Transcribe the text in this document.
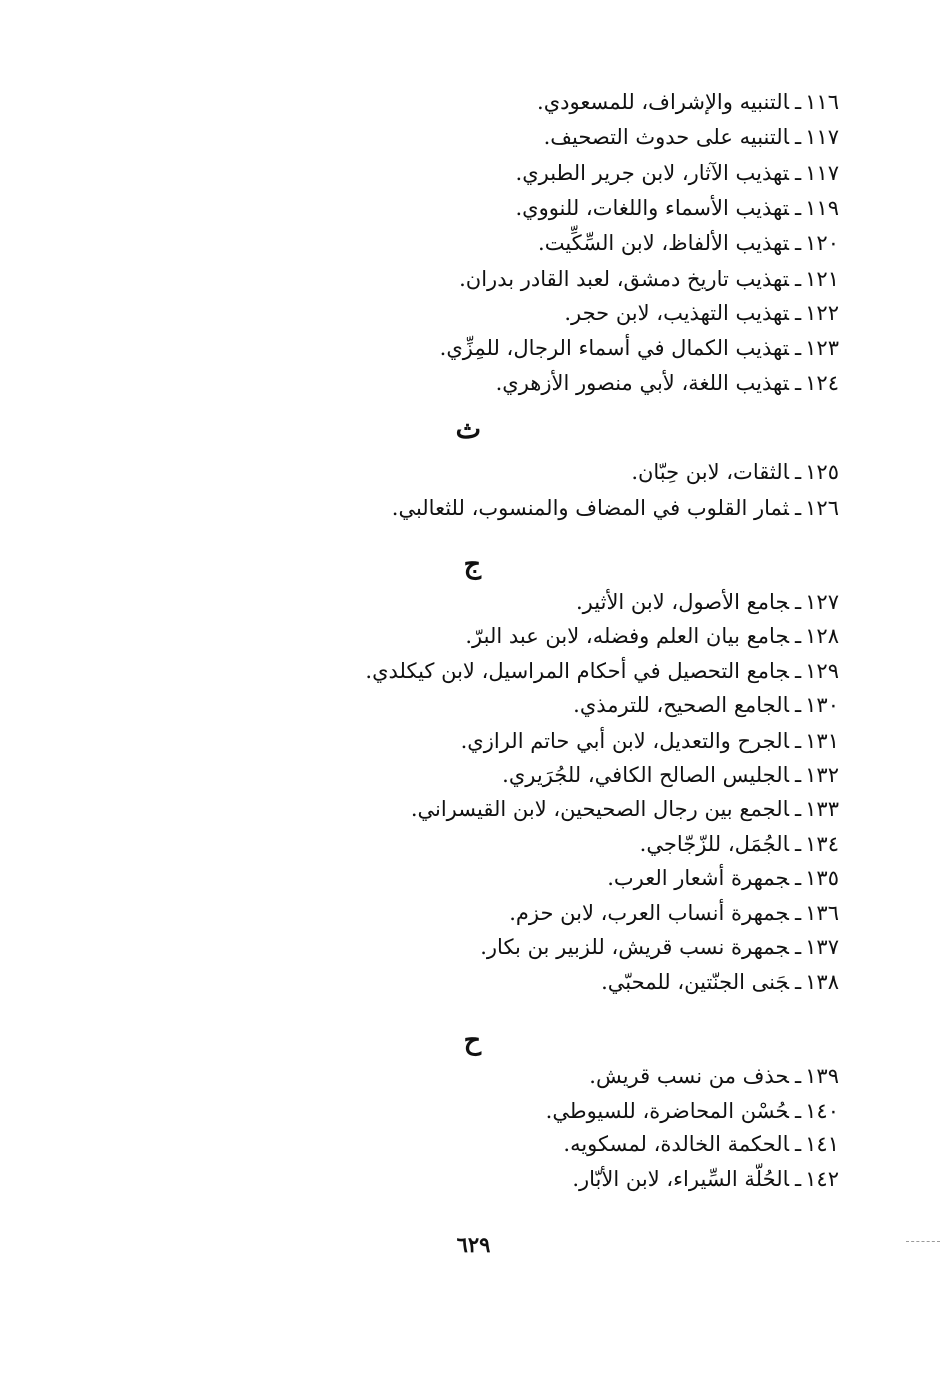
١١٦ـالتنبيه والإشراف، للمسعودي.
١١٧ـالتنبيه على حدوث التصحيف.
١١٧ـتهذيب الآثار، لابن جرير الطبري.
١١٩ـتهذيب الأسماء واللغات، للنووي.
١٢٠ـتهذيب الألفاظ، لابن السِّكِّيت.
١٢١ـتهذيب تاريخ دمشق، لعبد القادر بدران.
١٢٢ـتهذيب التهذيب، لابن حجر.
١٢٣ـتهذيب الكمال في أسماء الرجال، للمِزِّي.
١٢٤ـتهذيب اللغة، لأبي منصور الأزهري.
ث
١٢٥ـالثقات، لابن حِبّان.
١٢٦ـثمار القلوب في المضاف والمنسوب، للثعالبي.
ج
١٢٧ـجامع الأصول، لابن الأثير.
١٢٨ـجامع بيان العلم وفضله، لابن عبد البرّ.
١٢٩ـجامع التحصيل في أحكام المراسيل، لابن كيكلدي.
١٣٠ـالجامع الصحيح، للترمذي.
١٣١ـالجرح والتعديل، لابن أبي حاتم الرازي.
١٣٢ـالجليس الصالح الكافي، للجُرَيري.
١٣٣ـالجمع بين رجال الصحيحين، لابن القيسراني.
١٣٤ـالجُمَل، للزّجّاجي.
١٣٥ـجمهرة أشعار العرب.
١٣٦ـجمهرة أنساب العرب، لابن حزم.
١٣٧ـجمهرة نسب قريش، للزبير بن بكار.
١٣٨ـجَنى الجنّتين، للمحبّي.
ح
١٣٩ـحذف من نسب قريش.
١٤٠ـحُسْن المحاضرة، للسيوطي.
١٤١ـالحكمة الخالدة، لمسكويه.
١٤٢ـالحُلّة السِّيراء، لابن الأبّار.
٦٢٩
